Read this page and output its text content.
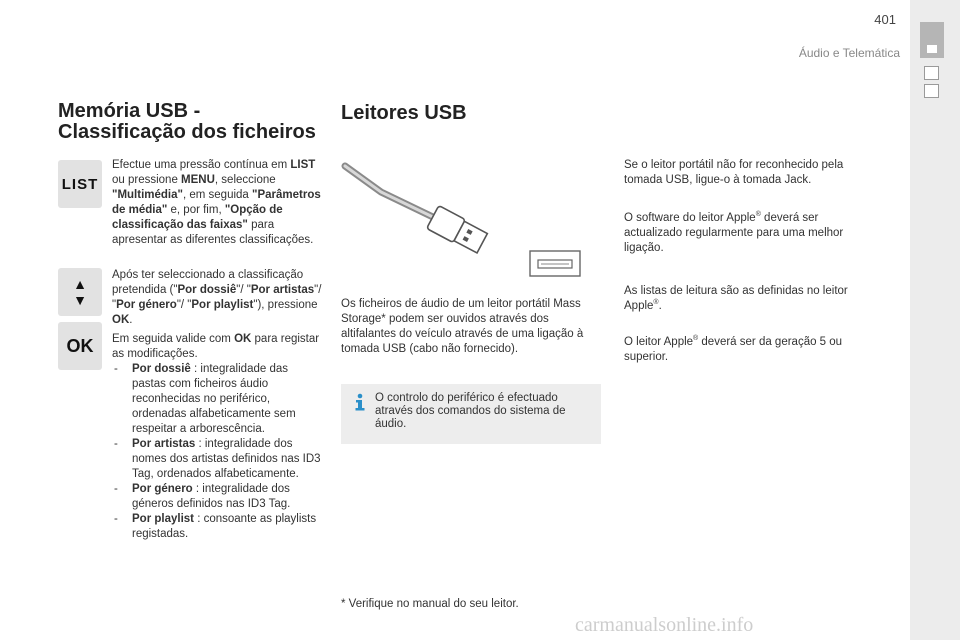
401
Áudio e Telemática
Memória USB -
Classificação dos ficheiros
LIST
▲
▼
OK

Efectue uma pressão contínua em LIST ou pressione MENU, seleccione "Multimédia", em seguida "Parâmetros de média" e, por fim, "Opção de classificação das faixas" para apresentar as diferentes classificações.

Após ter seleccionado a classificação pretendida ("Por dossiê"/ "Por artistas"/ "Por género"/ "Por playlist"), pressione OK.

Em seguida valide com OK para registar as modificações.

- Por dossiê : integralidade das pastas com ficheiros áudio reconhecidas no periférico, ordenadas alfabeticamente sem respeitar a arborescência.
- Por artistas : integralidade dos nomes dos artistas definidos nas ID3 Tag, ordenados alfabeticamente.
- Por género : integralidade dos géneros definidos nas ID3 Tag.
- Por playlist : consoante as playlists registadas.
Leitores USB

Os ficheiros de áudio de um leitor portátil Mass Storage* podem ser ouvidos através dos altifalantes do veículo através de uma ligação à tomada USB (cabo não fornecido).

O controlo do periférico é efectuado através dos comandos do sistema de áudio.
* Verifique no manual do seu leitor.

Se o leitor portátil não for reconhecido pela tomada USB, ligue-o à tomada Jack.

O software do leitor Apple® deverá ser actualizado regularmente para uma melhor ligação.

As listas de leitura são as definidas no leitor Apple®.

O leitor Apple® deverá ser da geração 5 ou superior.

carmanualsonline.info
